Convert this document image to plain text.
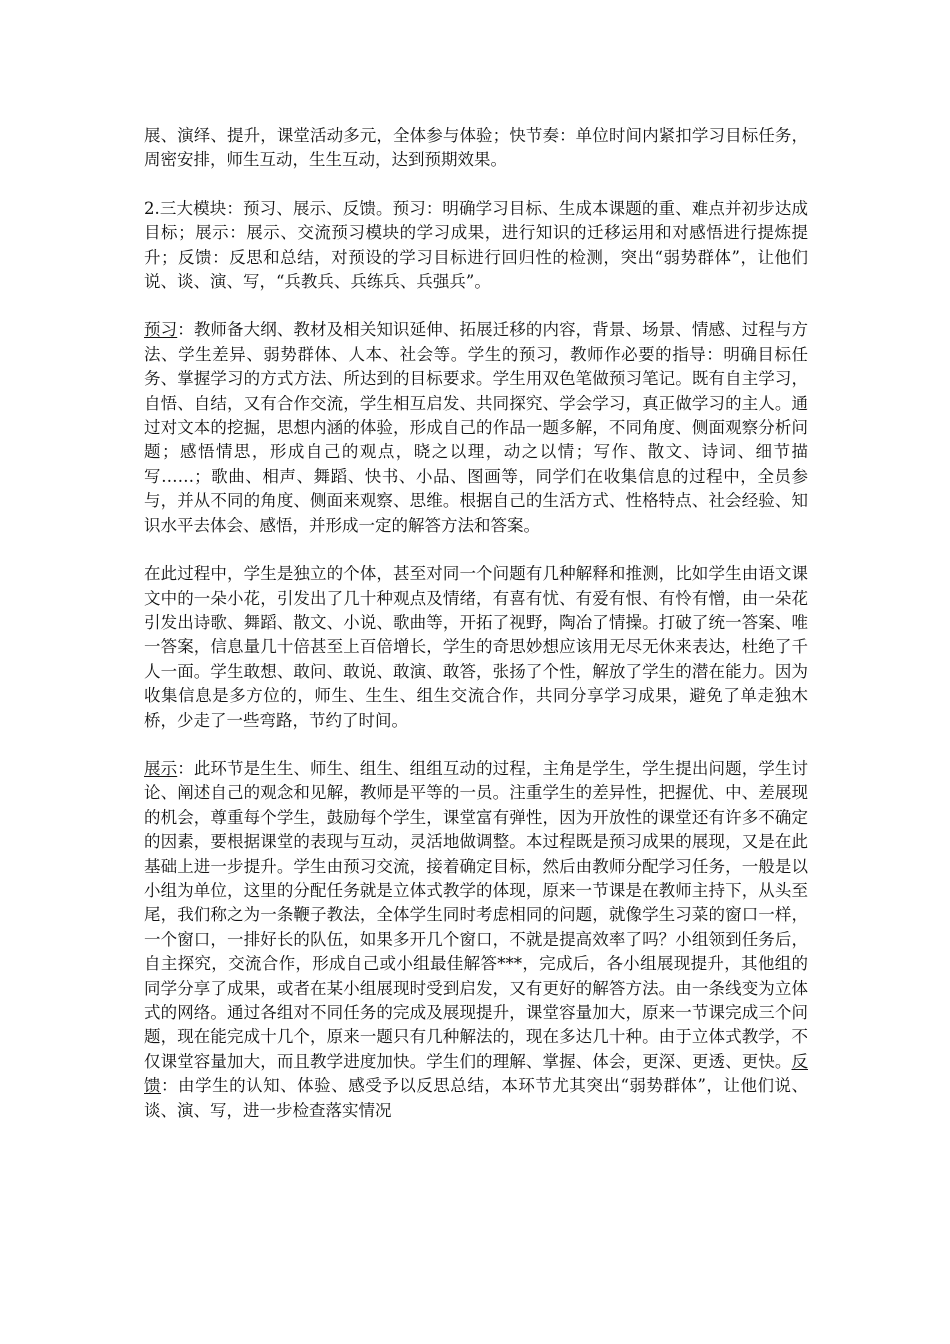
展、演绎、提升，课堂活动多元，全体参与体验；快节奏：单位时间内紧扣学习目标任务，周密安排，师生互动，生生互动，达到预期效果。

2.三大模块：预习、展示、反馈。预习：明确学习目标、生成本课题的重、难点并初步达成目标；展示：展示、交流预习模块的学习成果，进行知识的迁移运用和对感悟进行提炼提升；反馈：反思和总结，对预设的学习目标进行回归性的检测，突出“弱势群体”，让他们说、谈、演、写，“兵教兵、兵练兵、兵强兵”。

预习：教师备大纲、教材及相关知识延伸、拓展迁移的内容，背景、场景、情感、过程与方法、学生差异、弱势群体、人本、社会等。学生的预习，教师作必要的指导：明确目标任务、掌握学习的方式方法、所达到的目标要求。学生用双色笔做预习笔记。既有自主学习，自悟、自结，又有合作交流，学生相互启发、共同探究、学会学习，真正做学习的主人。通过对文本的挖掘，思想内涵的体验，形成自己的作品一题多解，不同角度、侧面观察分析问题；感悟情思，形成自己的观点，晓之以理，动之以情；写作、散文、诗词、细节描写……；歌曲、相声、舞蹈、快书、小品、图画等，同学们在收集信息的过程中，全员参与，并从不同的角度、侧面来观察、思维。根据自己的生活方式、性格特点、社会经验、知识水平去体会、感悟，并形成一定的解答方法和答案。

在此过程中，学生是独立的个体，甚至对同一个问题有几种解释和推测，比如学生由语文课文中的一朵小花，引发出了几十种观点及情绪，有喜有忧、有爱有恨、有怜有憎，由一朵花引发出诗歌、舞蹈、散文、小说、歌曲等，开拓了视野，陶冶了情操。打破了统一答案、唯一答案，信息量几十倍甚至上百倍增长，学生的奇思妙想应该用无尽无休来表达，杜绝了千人一面。学生敢想、敢问、敢说、敢演、敢答，张扬了个性，解放了学生的潜在能力。因为收集信息是多方位的，师生、生生、组生交流合作，共同分享学习成果，避免了单走独木桥，少走了一些弯路，节约了时间。

展示：此环节是生生、师生、组生、组组互动的过程，主角是学生，学生提出问题，学生讨论、阐述自己的观念和见解，教师是平等的一员。注重学生的差异性，把握优、中、差展现的机会，尊重每个学生，鼓励每个学生，课堂富有弹性，因为开放性的课堂还有许多不确定的因素，要根据课堂的表现与互动，灵活地做调整。本过程既是预习成果的展现，又是在此基础上进一步提升。学生由预习交流，接着确定目标，然后由教师分配学习任务，一般是以小组为单位，这里的分配任务就是立体式教学的体现，原来一节课是在教师主持下，从头至尾，我们称之为一条鞭子教法，全体学生同时考虑相同的问题，就像学生习菜的窗口一样，一个窗口，一排好长的队伍，如果多开几个窗口，不就是提高效率了吗？小组领到任务后，自主探究，交流合作，形成自己或小组最佳解答***，完成后，各小组展现提升，其他组的同学分享了成果，或者在某小组展现时受到启发，又有更好的解答方法。由一条线变为立体式的网络。通过各组对不同任务的完成及展现提升，课堂容量加大，原来一节课完成三个问题，现在能完成十几个，原来一题只有几种解法的，现在多达几十种。由于立体式教学，不仅课堂容量加大，而且教学进度加快。学生们的理解、掌握、体会，更深、更透、更快。反馈：由学生的认知、体验、感受予以反思总结，本环节尤其突出“弱势群体”，让他们说、谈、演、写，进一步检查落实情况
